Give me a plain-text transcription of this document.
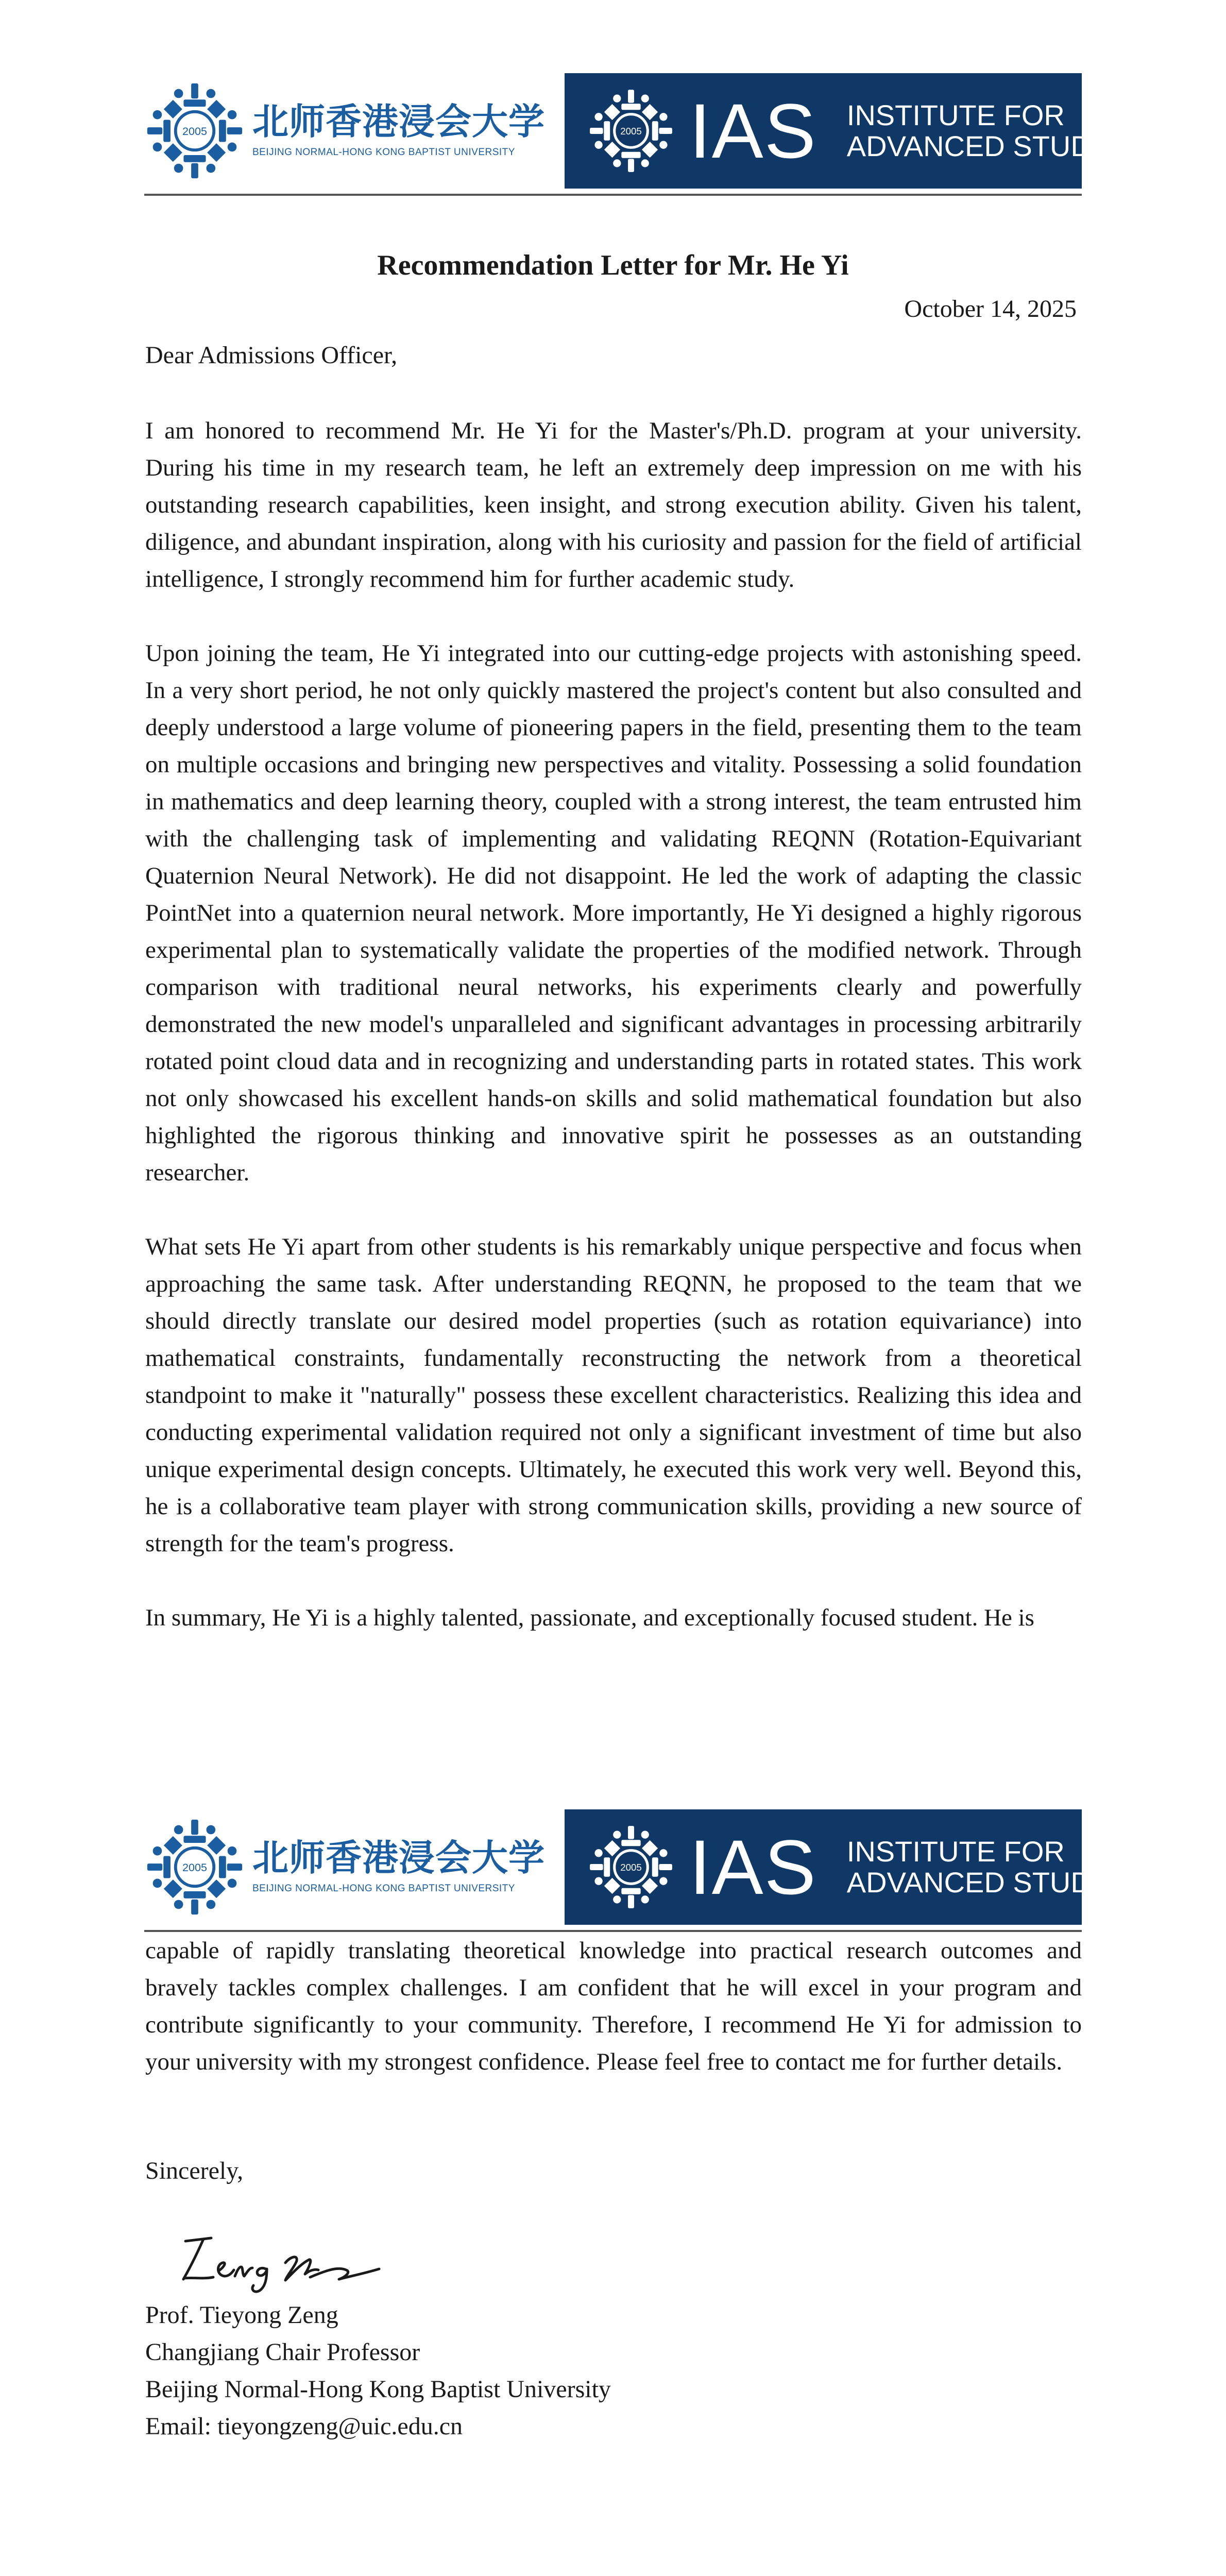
2005 北师香港浸会大学
BEIJING NORMAL-HONG KONG BAPTIST UNIVERSITY
2005 IAS INSTITUTE FOR
ADVANCED STUDY
Recommendation Letter for Mr. He Yi
October 14, 2025
Dear Admissions Officer,

I am honored to recommend Mr. He Yi for the Master's/Ph.D. program at your university. During his time in my research team, he left an extremely deep impression on me with his outstanding research capabilities, keen insight, and strong execution ability. Given his talent, diligence, and abundant inspiration, along with his curiosity and passion for the field of artificial intelligence, I strongly recommend him for further academic study.

Upon joining the team, He Yi integrated into our cutting-edge projects with astonishing speed. In a very short period, he not only quickly mastered the project's content but also consulted and deeply understood a large volume of pioneering papers in the field, presenting them to the team on multiple occasions and bringing new perspectives and vitality. Possessing a solid foundation in mathematics and deep learning theory, coupled with a strong interest, the team entrusted him with the challenging task of implementing and validating REQNN (Rotation-Equivariant Quaternion Neural Network). He did not disappoint. He led the work of adapting the classic PointNet into a quaternion neural network. More importantly, He Yi designed a highly rigorous experimental plan to systematically validate the properties of the modified network. Through comparison with traditional neural networks, his experiments clearly and powerfully demonstrated the new model's unparalleled and significant advantages in processing arbitrarily rotated point cloud data and in recognizing and understanding parts in rotated states. This work not only showcased his excellent hands-on skills and solid mathematical foundation but also highlighted the rigorous thinking and innovative spirit he possesses as an outstanding researcher.

What sets He Yi apart from other students is his remarkably unique perspective and focus when approaching the same task. After understanding REQNN, he proposed to the team that we should directly translate our desired model properties (such as rotation equivariance) into mathematical constraints, fundamentally reconstructing the network from a theoretical standpoint to make it "naturally" possess these excellent characteristics. Realizing this idea and conducting experimental validation required not only a significant investment of time but also unique experimental design concepts. Ultimately, he executed this work very well. Beyond this, he is a collaborative team player with strong communication skills, providing a new source of strength for the team's progress.

In summary, He Yi is a highly talented, passionate, and exceptionally focused student. He is

2005 北师香港浸会大学
BEIJING NORMAL-HONG KONG BAPTIST UNIVERSITY
2005 IAS INSTITUTE FOR
ADVANCED STUDY

capable of rapidly translating theoretical knowledge into practical research outcomes and bravely tackles complex challenges. I am confident that he will excel in your program and contribute significantly to your community. Therefore, I recommend He Yi for admission to your university with my strongest confidence. Please feel free to contact me for further details.

Sincerely,
Prof. Tieyong Zeng
Changjiang Chair Professor
Beijing Normal-Hong Kong Baptist University
Email: tieyongzeng@uic.edu.cn
